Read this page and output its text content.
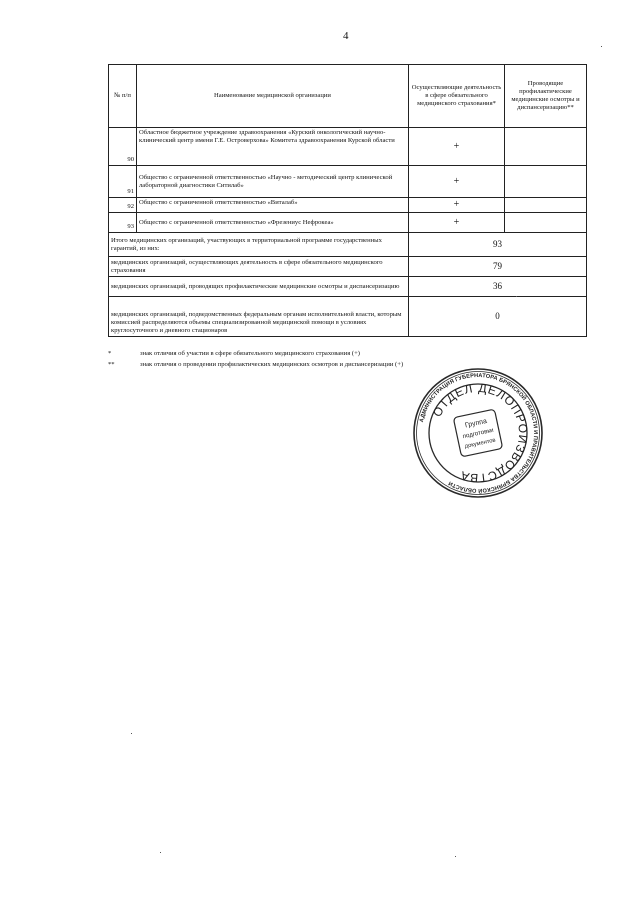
4
№ п/п	Наименование медицинской организации	Осуществляющие деятельность в сфере обязательного медицинского страхования*	Проводящие профилактические медицинские осмотры и диспансеризацию**
90	Областное бюджетное учреждение здравоохранения «Курский онкологический научно-клинический центр имени Г.Е. Островерхова» Комитета здравоохранения Курской области	+	
91	Общество с ограниченной ответственностью «Научно - методический центр клинической лабораторной диагностики Ситилаб»	+	
92	Общество с ограниченной ответственностью «Виталаб»	+	
93	Общество с ограниченной ответственностью «Фрезениус Нефрокеа»	+	
Итого медицинских организаций, участвующих в территориальной программе государственных гарантий, из них:		93	
медицинских организаций, осуществляющих деятельность в сфере обязательного медицинского страхования		79	
медицинских организаций, проводящих профилактические медицинские осмотры и диспансеризацию		36	
медицинских организаций, подведомственных федеральным органам исполнительной власти, которым комиссией распределяются объемы специализированной медицинской помощи в условиях круглосуточного и дневного стационаров		0	
*	знак отличия об участии в сфере обязательного медицинского страхования (+)
**	знак отличия о проведении профилактических медицинских осмотров и диспансеризации (+)
АДМИНИСТРАЦИЯ ГУБЕРНАТОРА БРЯНСКОЙ ОБЛАСТИ И ПРАВИТЕЛЬСТВА БРЯНСКОЙ ОБЛАСТИ
ОТДЕЛ ДЕЛОПРОИЗВОДСТВА
Группа
подготовки
документов
